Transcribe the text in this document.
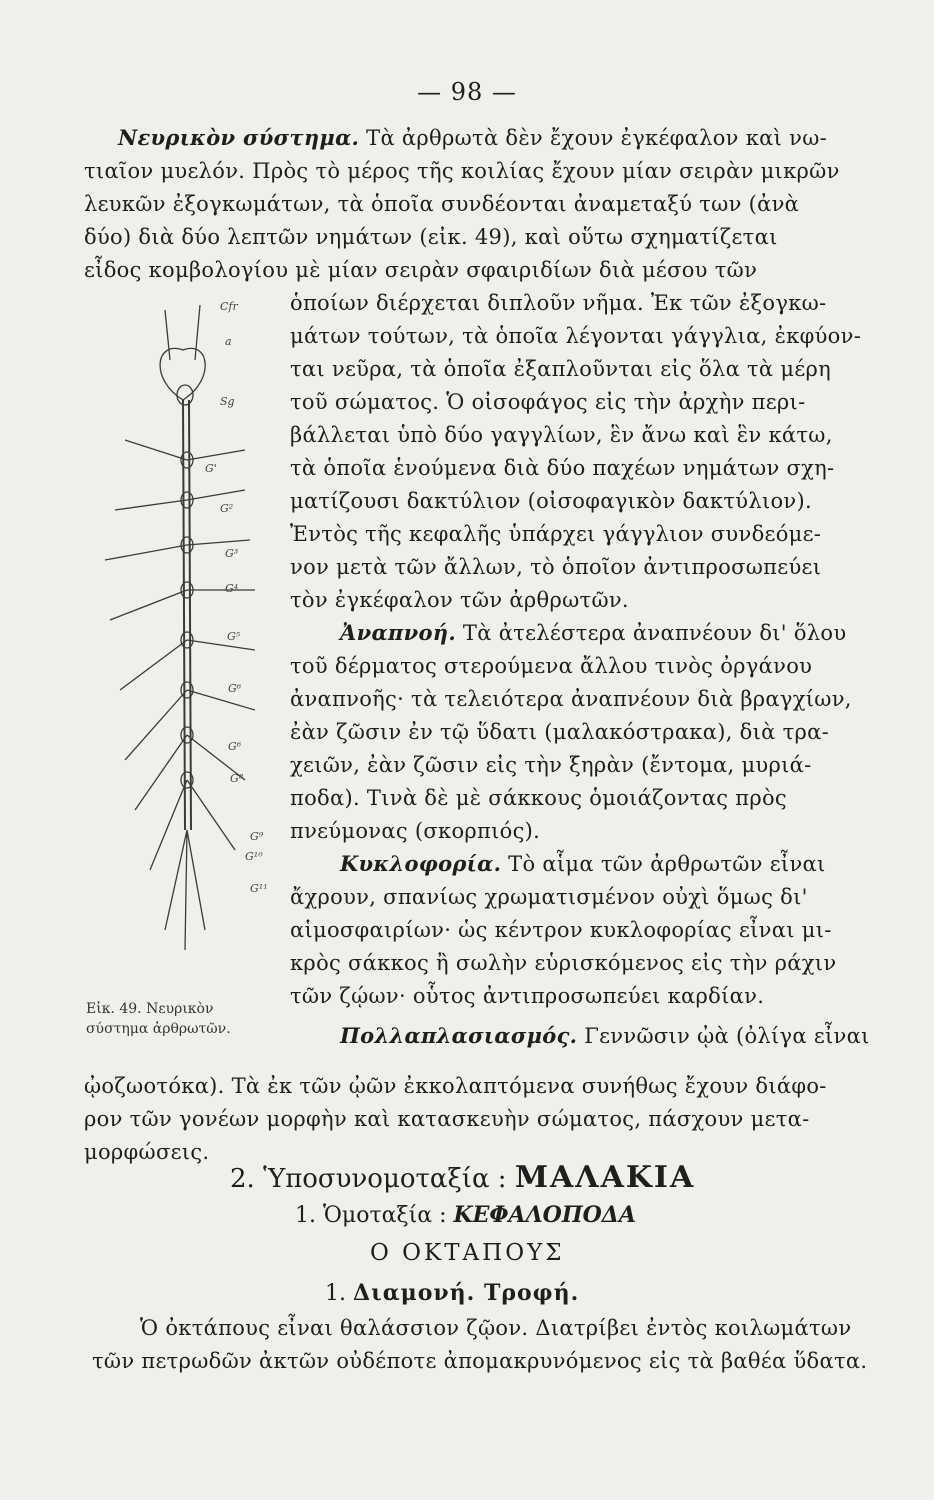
— 98 —
Νευρικὸν σύστημα. Τὰ ἀρθρωτὰ δὲν ἔχουν ἐγκέφαλον καὶ νω-
τιαῖον μυελόν. Πρὸς τὸ μέρος τῆς κοιλίας ἔχουν μίαν σειρὰν μικρῶν
λευκῶν ἐξογκωμάτων, τὰ ὁποῖα συνδέονται ἀναμεταξύ των (ἀνὰ
δύο) διὰ δύο λεπτῶν νημάτων (εἰκ. 49), καὶ οὕτω σχηματίζεται
εἶδος κομβολογίου μὲ μίαν σειρὰν σφαιριδίων διὰ μέσου τῶν
ὁποίων διέρχεται διπλοῦν νῆμα. Ἐκ τῶν ἐξογκω-
μάτων τούτων, τὰ ὁποῖα λέγονται γάγγλια, ἐκφύον-
ται νεῦρα, τὰ ὁποῖα ἐξαπλοῦνται εἰς ὅλα τὰ μέρη
τοῦ σώματος. Ὁ οἰσοφάγος εἰς τὴν ἀρχὴν περι-
βάλλεται ὑπὸ δύο γαγγλίων, ἓν ἄνω καὶ ἓν κάτω,
τὰ ὁποῖα ἑνούμενα διὰ δύο παχέων νημάτων σχη-
ματίζουσι δακτύλιον (οἰσοφαγικὸν δακτύλιον).
Ἐντὸς τῆς κεφαλῆς ὑπάρχει γάγγλιον συνδεόμε-
νον μετὰ τῶν ἄλλων, τὸ ὁποῖον ἀντιπροσωπεύει
τὸν ἐγκέφαλον τῶν ἀρθρωτῶν.
Ἀναπνοή. Τὰ ἀτελέστερα ἀναπνέουν δι' ὅλου
τοῦ δέρματος στερούμενα ἄλλου τινὸς ὀργάνου
ἀναπνοῆς· τὰ τελειότερα ἀναπνέουν διὰ βραγχίων,
ἐὰν ζῶσιν ἐν τῷ ὕδατι (μαλακόστρακα), διὰ τρα-
χειῶν, ἐὰν ζῶσιν εἰς τὴν ξηρὰν (ἔντομα, μυριά-
ποδα). Τινὰ δὲ μὲ σάκκους ὁμοιάζοντας πρὸς
πνεύμονας (σκορπιός).
Κυκλοφορία. Τὸ αἷμα τῶν ἀρθρωτῶν εἶναι
ἄχρουν, σπανίως χρωματισμένον οὐχὶ ὅμως δι'
αἱμοσφαιρίων· ὡς κέντρον κυκλοφορίας εἶναι μι-
κρὸς σάκκος ἢ σωλὴν εὑρισκόμενος εἰς τὴν ράχιν
τῶν ζῴων· οὗτος ἀντιπροσωπεύει καρδίαν.
Πολλαπλασιασμός. Γεννῶσιν ᾠὰ (ὀλίγα εἶναι
Cfr
a
Sg
G'
G²
G³
G⁴
G⁵
G⁶
G⁶
G⁸
G⁹
G¹⁰
G¹¹
Εἰκ. 49. Νευρικὸν
σύστημα ἀρθρωτῶν.
ᾠοζωοτόκα). Τὰ ἐκ τῶν ᾠῶν ἐκκολαπτόμενα συνήθως ἔχουν διάφο-
ρον τῶν γονέων μορφὴν καὶ κατασκευὴν σώματος, πάσχουν μετα-
μορφώσεις.
2. Ὑποσυνομοταξία : ΜΑΛΑΚΙΑ
1. Ὁμοταξία : ΚΕΦΑΛΟΠΟΔΑ
Ο ΟΚΤΑΠΟΥΣ
1. Διαμονή. Τροφή.
Ὁ ὀκτάπους εἶναι θαλάσσιον ζῷον. Διατρίβει ἐντὸς κοιλωμάτων
τῶν πετρωδῶν ἀκτῶν οὐδέποτε ἀπομακρυνόμενος εἰς τὰ βαθέα ὕδατα.
